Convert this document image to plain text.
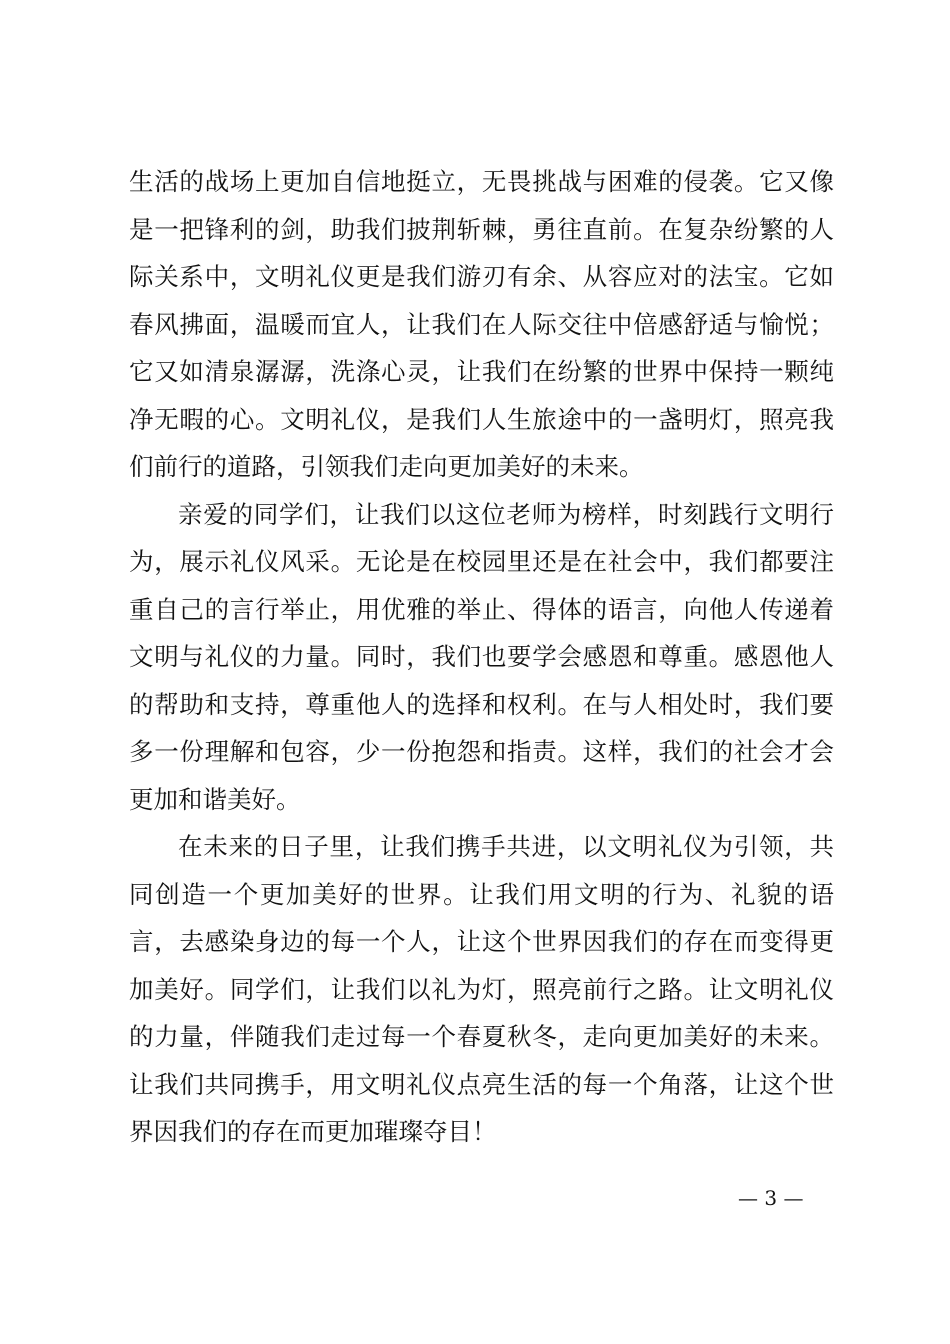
生活的战场上更加自信地挺立，无畏挑战与困难的侵袭。它又像是一把锋利的剑，助我们披荆斩棘，勇往直前。在复杂纷繁的人际关系中，文明礼仪更是我们游刃有余、从容应对的法宝。它如春风拂面，温暖而宜人，让我们在人际交往中倍感舒适与愉悦；它又如清泉潺潺，洗涤心灵，让我们在纷繁的世界中保持一颗纯净无暇的心。文明礼仪，是我们人生旅途中的一盏明灯，照亮我们前行的道路，引领我们走向更加美好的未来。

亲爱的同学们，让我们以这位老师为榜样，时刻践行文明行为，展示礼仪风采。无论是在校园里还是在社会中，我们都要注重自己的言行举止，用优雅的举止、得体的语言，向他人传递着文明与礼仪的力量。同时，我们也要学会感恩和尊重。感恩他人的帮助和支持，尊重他人的选择和权利。在与人相处时，我们要多一份理解和包容，少一份抱怨和指责。这样，我们的社会才会更加和谐美好。

在未来的日子里，让我们携手共进，以文明礼仪为引领，共同创造一个更加美好的世界。让我们用文明的行为、礼貌的语言，去感染身边的每一个人，让这个世界因我们的存在而变得更加美好。同学们，让我们以礼为灯，照亮前行之路。让文明礼仪的力量，伴随我们走过每一个春夏秋冬，走向更加美好的未来。让我们共同携手，用文明礼仪点亮生活的每一个角落，让这个世界因我们的存在而更加璀璨夺目！

— 3 —
